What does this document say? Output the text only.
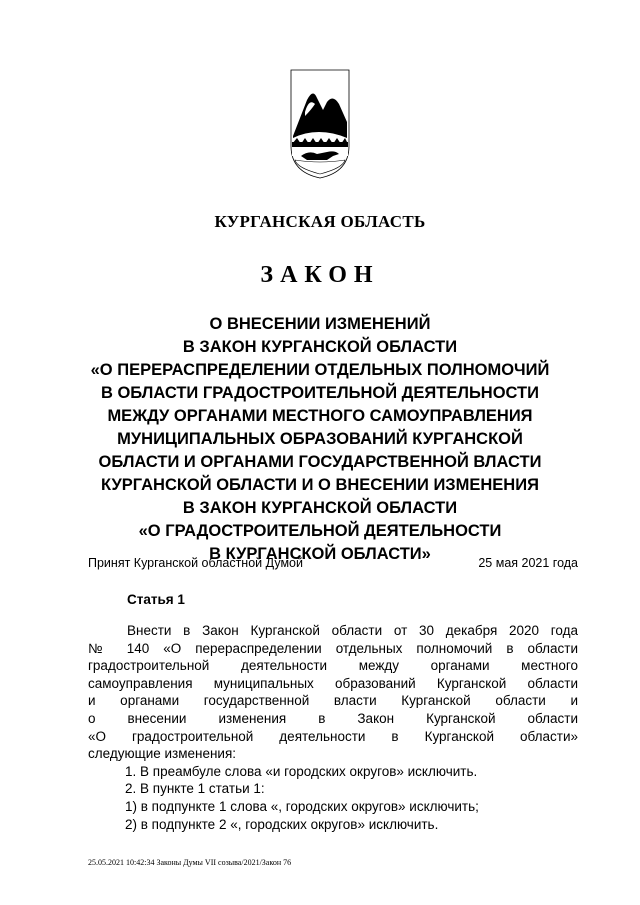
КУРГАНСКАЯ ОБЛАСТЬ
ЗАКОН
О ВНЕСЕНИИ ИЗМЕНЕНИЙ
В ЗАКОН КУРГАНСКОЙ ОБЛАСТИ
«О ПЕРЕРАСПРЕДЕЛЕНИИ ОТДЕЛЬНЫХ ПОЛНОМОЧИЙ
В ОБЛАСТИ ГРАДОСТРОИТЕЛЬНОЙ ДЕЯТЕЛЬНОСТИ
МЕЖДУ ОРГАНАМИ МЕСТНОГО САМОУПРАВЛЕНИЯ
МУНИЦИПАЛЬНЫХ ОБРАЗОВАНИЙ КУРГАНСКОЙ
ОБЛАСТИ И ОРГАНАМИ ГОСУДАРСТВЕННОЙ ВЛАСТИ
КУРГАНСКОЙ ОБЛАСТИ И О ВНЕСЕНИИ ИЗМЕНЕНИЯ
В ЗАКОН КУРГАНСКОЙ ОБЛАСТИ
«О ГРАДОСТРОИТЕЛЬНОЙ ДЕЯТЕЛЬНОСТИ
В КУРГАНСКОЙ ОБЛАСТИ»
Принят Курганской областной Думой	25 мая 2021 года
Статья 1
Внести в Закон Курганской области от 30 декабря 2020 года
№ 140 «О перераспределении отдельных полномочий в области
градостроительной деятельности между органами местного
самоуправления муниципальных образований Курганской области
и органами государственной власти Курганской области и
о внесении изменения в Закон Курганской области
«О градостроительной деятельности в Курганской области»
следующие изменения:
1. В преамбуле слова «и городских округов» исключить.
2. В пункте 1 статьи 1:
1) в подпункте 1 слова «, городских округов» исключить;
2) в подпункте 2 «, городских округов» исключить.
25.05.2021 10:42:34 Законы Думы VII созыва/2021/Закон 76
